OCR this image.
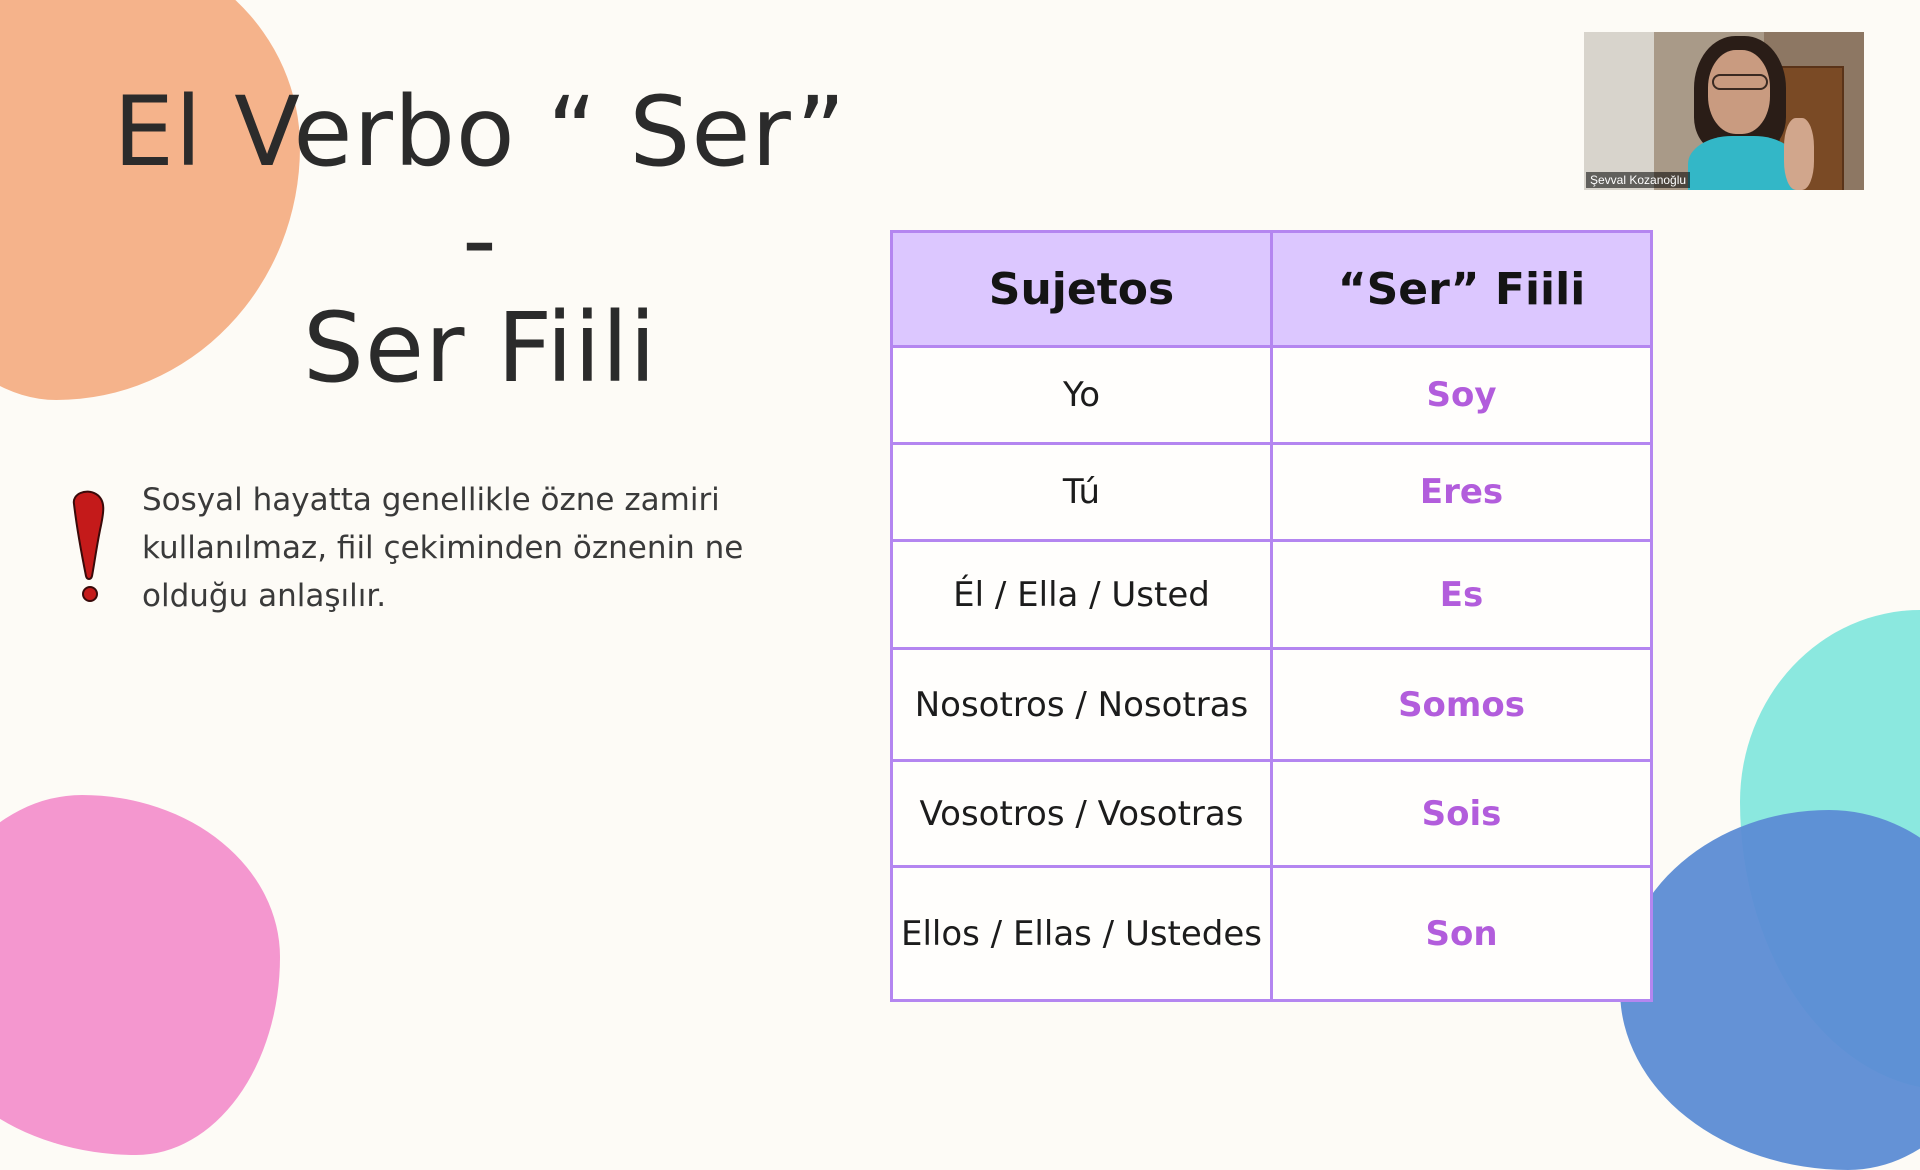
El Verbo “ Ser” -
Ser Fiili
Sosyal hayatta genellikle özne zamiri kullanılmaz, fiil çekiminden öznenin ne olduğu anlaşılır.
Sujetos	“Ser” Fiili
Yo	Soy
Tú	Eres
Él / Ella / Usted	Es
Nosotros / Nosotras	Somos
Vosotros / Vosotras	Sois
Ellos / Ellas / Ustedes	Son
Şevval Kozanoğlu
